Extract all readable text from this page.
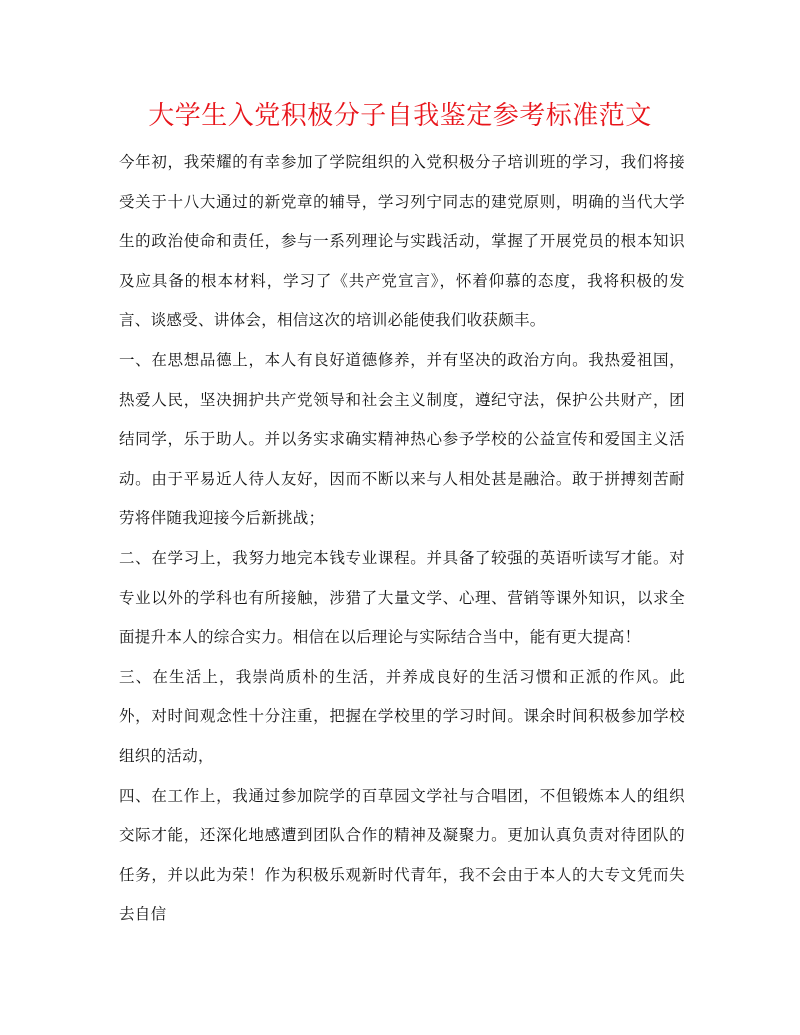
大学生入党积极分子自我鉴定参考标准范文

今年初，我荣耀的有幸参加了学院组织的入党积极分子培训班的学习，我们将接受关于十八大通过的新党章的辅导，学习列宁同志的建党原则，明确的当代大学生的政治使命和责任，参与一系列理论与实践活动，掌握了开展党员的根本知识及应具备的根本材料，学习了《共产党宣言》，怀着仰慕的态度，我将积极的发言、谈感受、讲体会，相信这次的培训必能使我们收获颇丰。

一、在思想品德上，本人有良好道德修养，并有坚决的政治方向。我热爱祖国，热爱人民，坚决拥护共产党领导和社会主义制度，遵纪守法，保护公共财产，团结同学，乐于助人。并以务实求确实精神热心参予学校的公益宣传和爱国主义活动。由于平易近人待人友好，因而不断以来与人相处甚是融洽。敢于拼搏刻苦耐劳将伴随我迎接今后新挑战；

二、在学习上，我努力地完本钱专业课程。并具备了较强的英语听读写才能。对专业以外的学科也有所接触，涉猎了大量文学、心理、营销等课外知识，以求全面提升本人的综合实力。相信在以后理论与实际结合当中，能有更大提高！

三、在生活上，我崇尚质朴的生活，并养成良好的生活习惯和正派的作风。此外，对时间观念性十分注重，把握在学校里的学习时间。课余时间积极参加学校组织的活动，

四、在工作上，我通过参加院学的百草园文学社与合唱团，不但锻炼本人的组织交际才能，还深化地感遭到团队合作的精神及凝聚力。更加认真负责对待团队的任务，并以此为荣！作为积极乐观新时代青年，我不会由于本人的大专文凭而失去自信
